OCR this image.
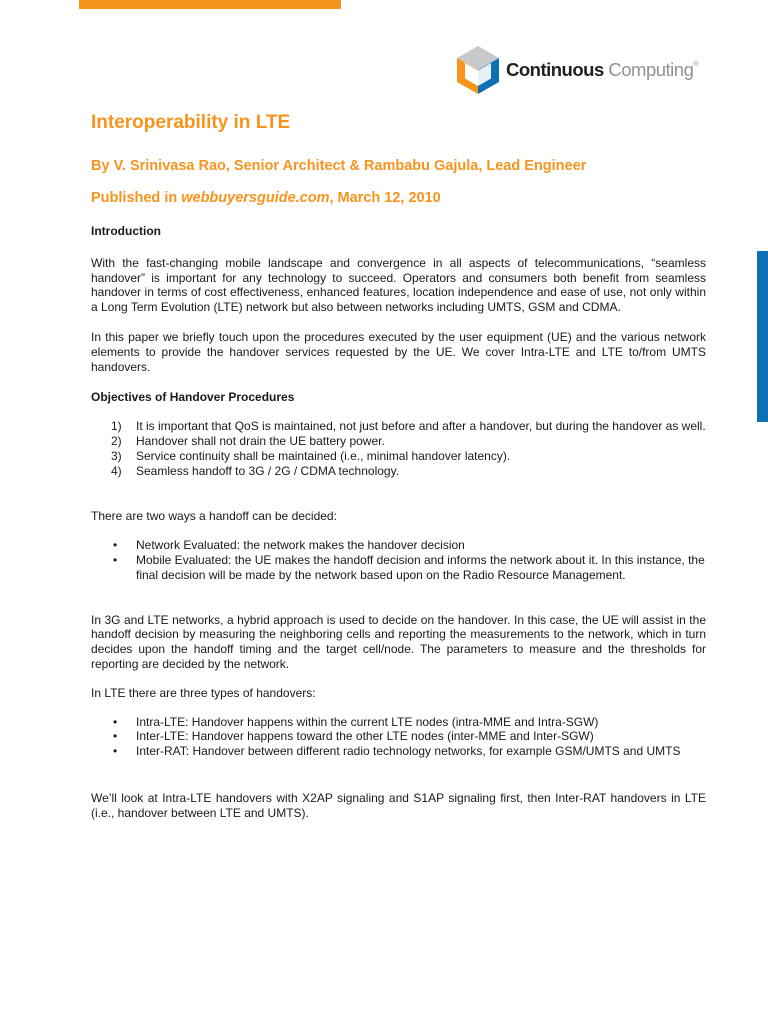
Continuous Computing®
Interoperability in LTE

By V. Srinivasa Rao, Senior Architect & Rambabu Gajula, Lead Engineer

Published in webbuyersguide.com, March 12, 2010

Introduction

With the fast-changing mobile landscape and convergence in all aspects of telecommunications, “seamless handover” is important for any technology to succeed. Operators and consumers both benefit from seamless handover in terms of cost effectiveness, enhanced features, location independence and ease of use, not only within a Long Term Evolution (LTE) network but also between networks including UMTS, GSM and CDMA.

In this paper we briefly touch upon the procedures executed by the user equipment (UE) and the various network elements to provide the handover services requested by the UE. We cover Intra-LTE and LTE to/from UMTS handovers.

Objectives of Handover Procedures
1) It is important that QoS is maintained, not just before and after a handover, but during the handover as well.
2) Handover shall not drain the UE battery power.
3) Service continuity shall be maintained (i.e., minimal handover latency).
4) Seamless handoff to 3G / 2G / CDMA technology.

There are two ways a handoff can be decided:

• Network Evaluated: the network makes the handover decision
• Mobile Evaluated: the UE makes the handoff decision and informs the network about it. In this instance, the final decision will be made by the network based upon on the Radio Resource Management.

In 3G and LTE networks, a hybrid approach is used to decide on the handover. In this case, the UE will assist in the handoff decision by measuring the neighboring cells and reporting the measurements to the network, which in turn decides upon the handoff timing and the target cell/node. The parameters to measure and the thresholds for reporting are decided by the network.

In LTE there are three types of handovers:

• Intra-LTE: Handover happens within the current LTE nodes (intra-MME and Intra-SGW)
• Inter-LTE: Handover happens toward the other LTE nodes (inter-MME and Inter-SGW)
• Inter-RAT: Handover between different radio technology networks, for example GSM/UMTS and UMTS

We’ll look at Intra-LTE handovers with X2AP signaling and S1AP signaling first, then Inter-RAT handovers in LTE (i.e., handover between LTE and UMTS).
